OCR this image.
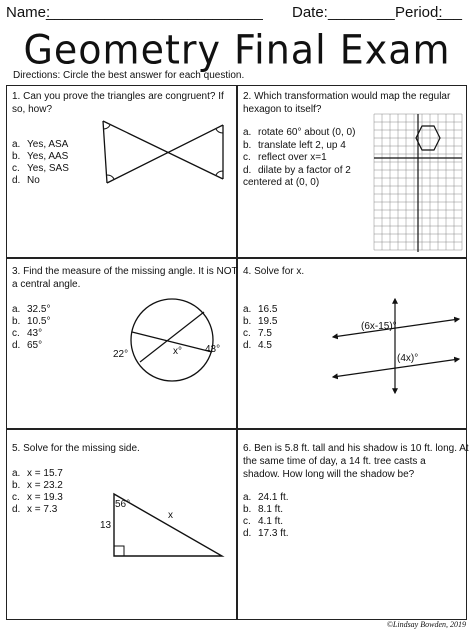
Name:
__________________________ Date: ________ Period:
___
Geometry Final Exam
Directions: Circle the best answer for each question.
1. Can you prove the triangles are congruent? If
so, how?
a. Yes, ASA
b. Yes, AAS
c. Yes, SAS
d. No
2. Which transformation would map the regular
hexagon to itself?
a. rotate 60° about (0, 0)
b. translate left 2, up 4
c. reflect over x=1
d. dilate by a factor of 2
centered at (0, 0)
3. Find the measure of the missing angle. It is NOT
a central angle.
a. 32.5°
b. 10.5°
c. 43°
d. 65°
22°	43°
x°
4. Solve for x.
a. 16.5
b. 19.5
c. 7.5
d. 4.5
(6x-15)°
(4x)°
5. Solve for the missing side.
a. x = 15.7
b. x = 23.2
c. x = 19.3
d. x = 7.3	56°
13
x
6. Ben is 5.8 ft. tall and his shadow is 10 ft. long. At
the same time of day, a 14 ft. tree casts a
shadow. How long will the shadow be?
a. 24.1 ft.
b. 8.1 ft.
c. 4.1 ft.
d. 17.3 ft.
©Lindsay Bowden, 2019
